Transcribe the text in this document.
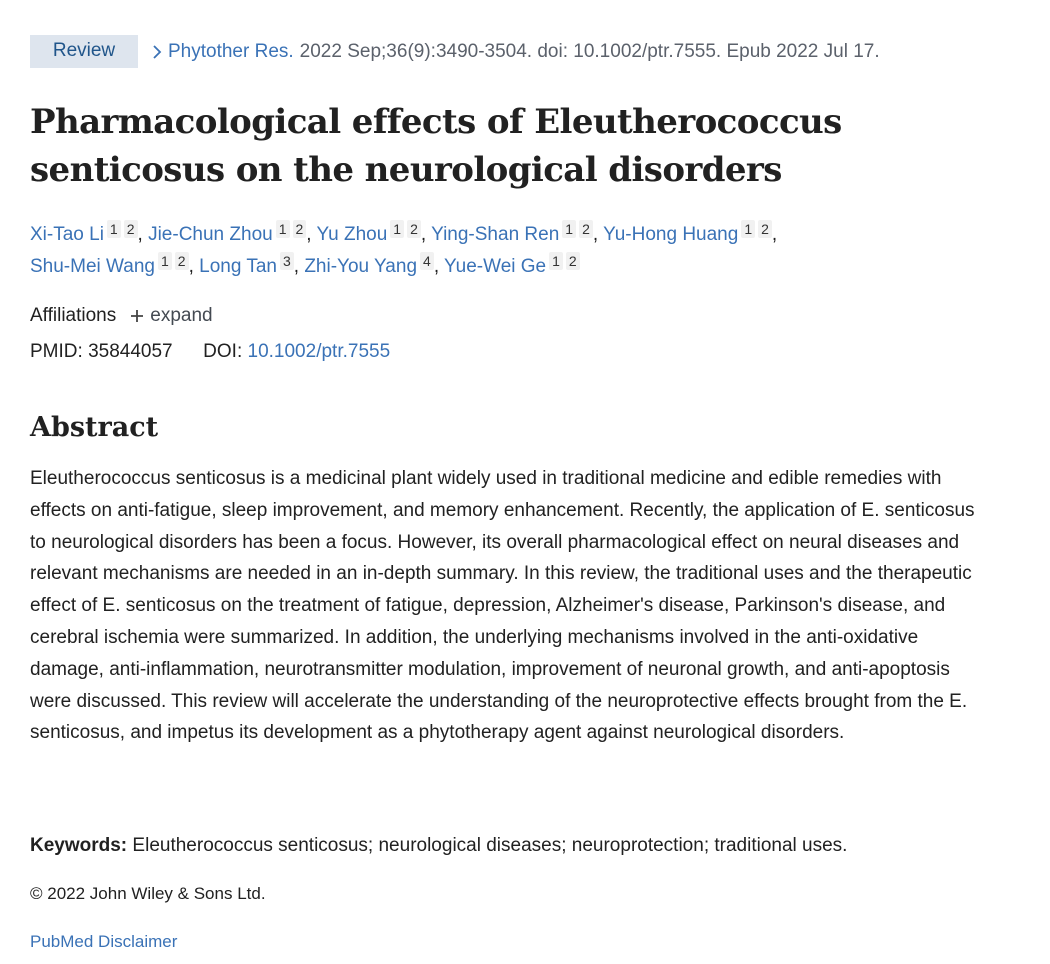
Review	Phytother Res. 2022 Sep;36(9):3490-3504. doi: 10.1002/ptr.7555. Epub 2022 Jul 17.
Pharmacological effects of Eleutherococcus senticosus on the neurological disorders
Xi-Tao Li 1 2 , Jie-Chun Zhou 1 2 , Yu Zhou 1 2 , Ying-Shan Ren 1 2 , Yu-Hong Huang 1 2 ,
Shu-Mei Wang 1 2 , Long Tan 3 , Zhi-You Yang 4 , Yue-Wei Ge 1 2
Affiliations expand
PMID: 35844057 DOI: 10.1002/ptr.7555
Abstract

Eleutherococcus senticosus is a medicinal plant widely used in traditional medicine and edible remedies with effects on anti-fatigue, sleep improvement, and memory enhancement. Recently, the application of E. senticosus to neurological disorders has been a focus. However, its overall pharmacological effect on neural diseases and relevant mechanisms are needed in an in-depth summary. In this review, the traditional uses and the therapeutic effect of E. senticosus on the treatment of fatigue, depression, Alzheimer's disease, Parkinson's disease, and cerebral ischemia were summarized. In addition, the underlying mechanisms involved in the anti-oxidative damage, anti-inflammation, neurotransmitter modulation, improvement of neuronal growth, and anti-apoptosis were discussed. This review will accelerate the understanding of the neuroprotective effects brought from the E. senticosus, and impetus its development as a phytotherapy agent against neurological disorders.

Keywords: Eleutherococcus senticosus; neurological diseases; neuroprotection; traditional uses.
© 2022 John Wiley & Sons Ltd.
PubMed Disclaimer
